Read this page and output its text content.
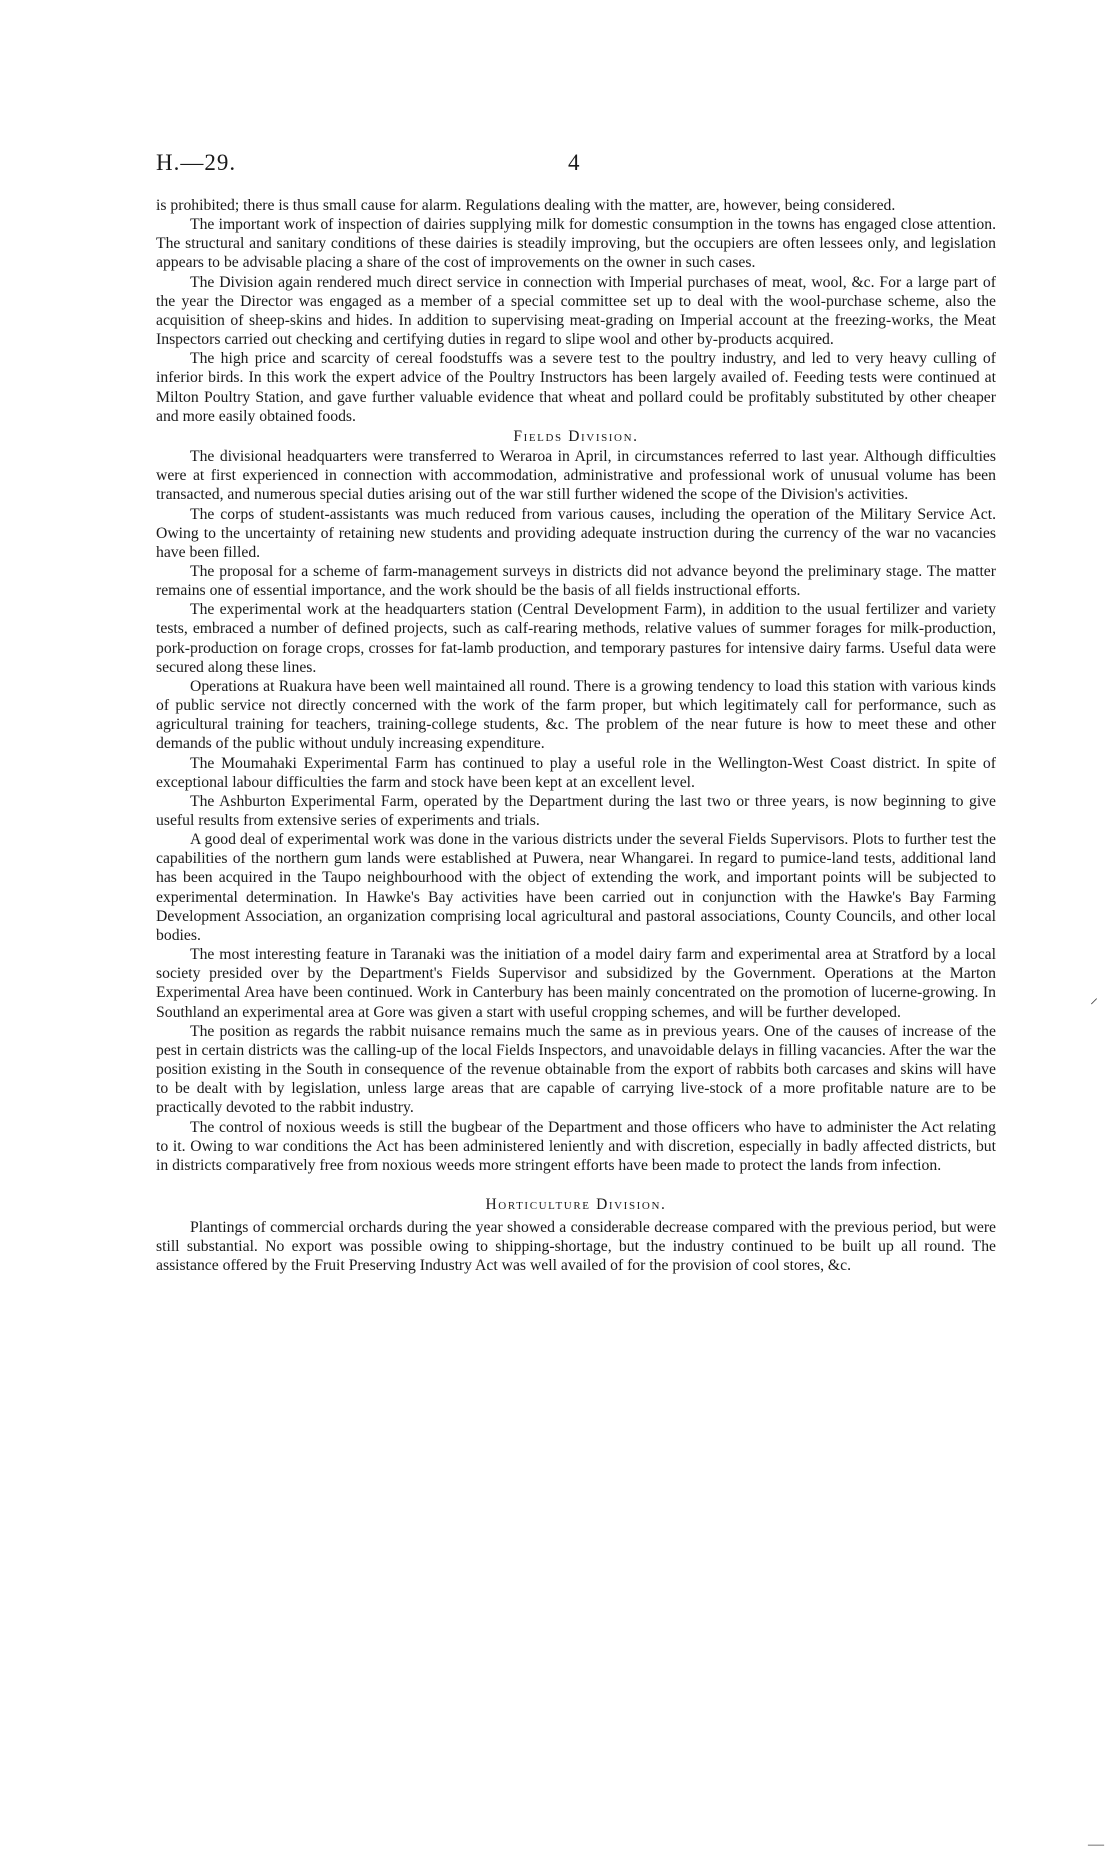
H.—29.	4

is prohibited; there is thus small cause for alarm. Regulations dealing with the matter, are, however, being considered.

The important work of inspection of dairies supplying milk for domestic consumption in the towns has engaged close attention. The structural and sanitary conditions of these dairies is steadily improving, but the occupiers are often lessees only, and legislation appears to be advisable placing a share of the cost of improvements on the owner in such cases.

The Division again rendered much direct service in connection with Imperial purchases of meat, wool, &c. For a large part of the year the Director was engaged as a member of a special committee set up to deal with the wool-purchase scheme, also the acquisition of sheep-skins and hides. In addition to supervising meat-grading on Imperial account at the freezing-works, the Meat Inspectors carried out checking and certifying duties in regard to slipe wool and other by-products acquired.

The high price and scarcity of cereal foodstuffs was a severe test to the poultry industry, and led to very heavy culling of inferior birds. In this work the expert advice of the Poultry Instructors has been largely availed of. Feeding tests were continued at Milton Poultry Station, and gave further valuable evidence that wheat and pollard could be profitably substituted by other cheaper and more easily obtained foods.

Fields Division.

The divisional headquarters were transferred to Weraroa in April, in circumstances referred to last year. Although difficulties were at first experienced in connection with accommodation, administrative and professional work of unusual volume has been transacted, and numerous special duties arising out of the war still further widened the scope of the Division's activities.

The corps of student-assistants was much reduced from various causes, including the operation of the Military Service Act. Owing to the uncertainty of retaining new students and providing adequate instruction during the currency of the war no vacancies have been filled.

The proposal for a scheme of farm-management surveys in districts did not advance beyond the preliminary stage. The matter remains one of essential importance, and the work should be the basis of all fields instructional efforts.

The experimental work at the headquarters station (Central Development Farm), in addition to the usual fertilizer and variety tests, embraced a number of defined projects, such as calf-rearing methods, relative values of summer forages for milk-production, pork-production on forage crops, crosses for fat-lamb production, and temporary pastures for intensive dairy farms. Useful data were secured along these lines.

Operations at Ruakura have been well maintained all round. There is a growing tendency to load this station with various kinds of public service not directly concerned with the work of the farm proper, but which legitimately call for performance, such as agricultural training for teachers, training-college students, &c. The problem of the near future is how to meet these and other demands of the public without unduly increasing expenditure.

The Moumahaki Experimental Farm has continued to play a useful role in the Wellington-West Coast district. In spite of exceptional labour difficulties the farm and stock have been kept at an excellent level.

The Ashburton Experimental Farm, operated by the Department during the last two or three years, is now beginning to give useful results from extensive series of experiments and trials.

A good deal of experimental work was done in the various districts under the several Fields Supervisors. Plots to further test the capabilities of the northern gum lands were established at Puwera, near Whangarei. In regard to pumice-land tests, additional land has been acquired in the Taupo neighbourhood with the object of extending the work, and important points will be subjected to experimental determination. In Hawke's Bay activities have been carried out in conjunction with the Hawke's Bay Farming Development Association, an organization comprising local agricultural and pastoral associations, County Councils, and other local bodies.

The most interesting feature in Taranaki was the initiation of a model dairy farm and experimental area at Stratford by a local society presided over by the Department's Fields Supervisor and subsidized by the Government. Operations at the Marton Experimental Area have been continued. Work in Canterbury has been mainly concentrated on the promotion of lucerne-growing. In Southland an experimental area at Gore was given a start with useful cropping schemes, and will be further developed.

The position as regards the rabbit nuisance remains much the same as in previous years. One of the causes of increase of the pest in certain districts was the calling-up of the local Fields Inspectors, and unavoidable delays in filling vacancies. After the war the position existing in the South in consequence of the revenue obtainable from the export of rabbits both carcases and skins will have to be dealt with by legislation, unless large areas that are capable of carrying live-stock of a more profitable nature are to be practically devoted to the rabbit industry.

The control of noxious weeds is still the bugbear of the Department and those officers who have to administer the Act relating to it. Owing to war conditions the Act has been administered leniently and with discretion, especially in badly affected districts, but in districts comparatively free from noxious weeds more stringent efforts have been made to protect the lands from infection.

Horticulture Division.

Plantings of commercial orchards during the year showed a considerable decrease compared with the previous period, but were still substantial. No export was possible owing to shipping-shortage, but the industry continued to be built up all round. The assistance offered by the Fruit Preserving Industry Act was well availed of for the provision of cool stores, &c.

⸝
—
